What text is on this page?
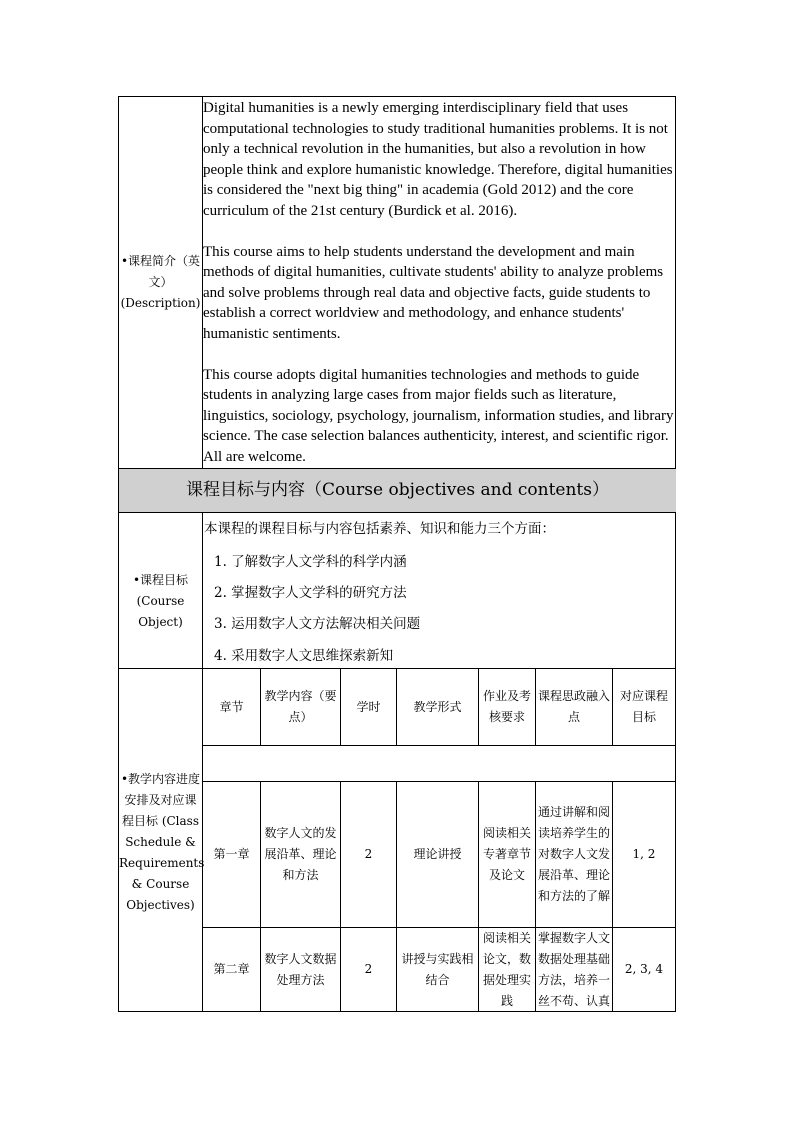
•课程简介（英文）(Description)

Digital humanities is a newly emerging interdisciplinary field that uses computational technologies to study traditional humanities problems. It is not only a technical revolution in the humanities, but also a revolution in how people think and explore humanistic knowledge. Therefore, digital humanities is considered the "next big thing" in academia (Gold 2012) and the core curriculum of the 21st century (Burdick et al. 2016).

This course aims to help students understand the development and main methods of digital humanities, cultivate students' ability to analyze problems and solve problems through real data and objective facts, guide students to establish a correct worldview and methodology, and enhance students' humanistic sentiments.

This course adopts digital humanities technologies and methods to guide students in analyzing large cases from major fields such as literature, linguistics, sociology, psychology, journalism, information studies, and library science. The case selection balances authenticity, interest, and scientific rigor. All are welcome.

课程目标与内容（Course objectives and contents）
•课程目标(Course Object)
本课程的课程目标与内容包括素养、知识和能力三个方面：
1. 了解数字人文学科的科学内涵
2. 掌握数字人文学科的研究方法
3. 运用数字人文方法解决相关问题
4. 采用数字人文思维探索新知
•教学内容进度安排及对应课程目标 (Class Schedule & Requirements & Course Objectives)
章节
教学内容（要点）
学时	教学形式
作业及考核要求
课程思政融入点
对应课程目标
第一章
数字人文的发展沿革、理论和方法
2	理论讲授
阅读相关专著章节及论文
通过讲解和阅读培养学生的对数字人文发展沿革、理论和方法的了解
1, 2
第二章
数字人文数据处理方法
2
讲授与实践相结合
阅读相关论文，数据处理实践
掌握数字人文数据处理基础方法，培养一丝不苟、认真
2, 3, 4
